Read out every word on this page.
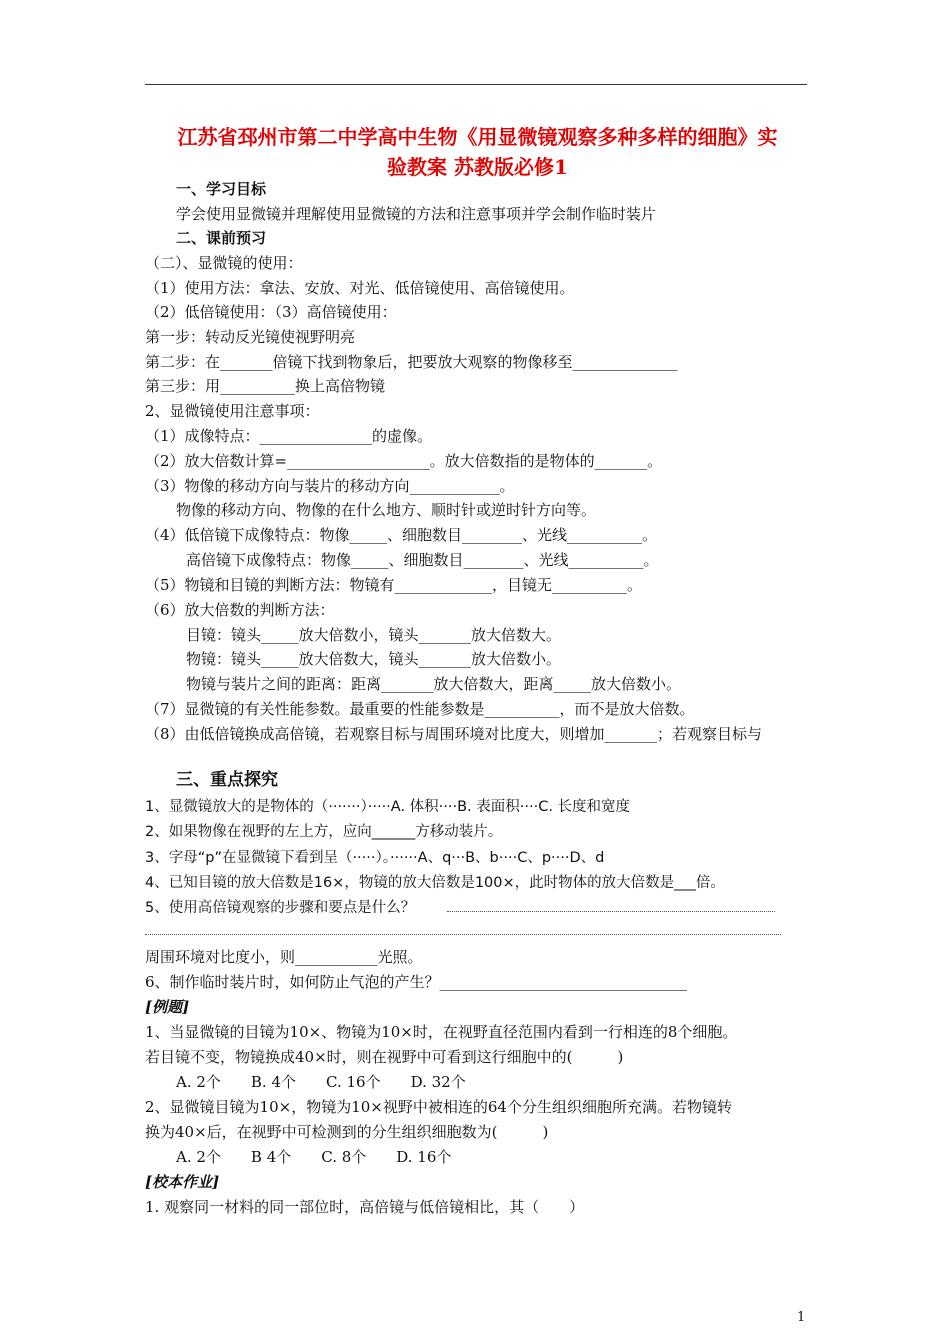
江苏省邳州市第二中学高中生物《用显微镜观察多种多样的细胞》实
验教案 苏教版必修1
一、学习目标
学会使用显微镜并理解使用显微镜的方法和注意事项并学会制作临时装片
二、课前预习
（二）、显微镜的使用：
（1）使用方法：拿法、安放、对光、低倍镜使用、高倍镜使用。
（2）低倍镜使用：（3）高倍镜使用：
第一步：转动反光镜使视野明亮
第二步：在_______倍镜下找到物象后，把要放大观察的物像移至______________
第三步：用__________换上高倍物镜
2、显微镜使用注意事项：
（1）成像特点：_______________的虚像。
（2）放大倍数计算=___________________。放大倍数指的是物体的_______。
（3）物像的移动方向与装片的移动方向____________。
物像的移动方向、物像的在什么地方、顺时针或逆时针方向等。
（4）低倍镜下成像特点：物像_____、细胞数目________、光线__________。
高倍镜下成像特点：物像_____、细胞数目________、光线__________。
（5）物镜和目镜的判断方法：物镜有_____________，目镜无__________。
（6）放大倍数的判断方法：
目镜：镜头_____放大倍数小，镜头_______放大倍数大。
物镜：镜头_____放大倍数大，镜头_______放大倍数小。
物镜与装片之间的距离：距离_______放大倍数大，距离_____放大倍数小。
（7）显微镜的有关性能参数。最重要的性能参数是__________，而不是放大倍数。
（8）由低倍镜换成高倍镜，若观察目标与周围环境对比度大，则增加_______；若观察目标与
三、重点探究
1、显微镜放大的是物体的（·······）·····A. 体积····B. 表面积····C. 长度和宽度
2、如果物像在视野的左上方，应向______方移动装片。
3、字母“p”在显微镜下看到呈（·····）。······A、q···B、b····C、p····D、d
4、已知目镜的放大倍数是16×，物镜的放大倍数是100×，此时物体的放大倍数是___倍。
5、使用高倍镜观察的步骤和要点是什么？
周围环境对比度小，则___________光照。
6、制作临时装片时，如何防止气泡的产生？_________________________________
[例题]
1、当显微镜的目镜为10×、物镜为10×时，在视野直径范围内看到一行相连的8个细胞。
若目镜不变，物镜换成40×时，则在视野中可看到这行细胞中的(　　　)
A. 2个　　B. 4个　　C. 16个　　D. 32个
2、显微镜目镜为10×，物镜为10×视野中被相连的64个分生组织细胞所充满。若物镜转
换为40×后，在视野中可检测到的分生组织细胞数为(　　　)
A. 2个　　B 4个　　C. 8个　　D. 16个
[校本作业]
1. 观察同一材料的同一部位时，高倍镜与低倍镜相比，其（　　）
1
